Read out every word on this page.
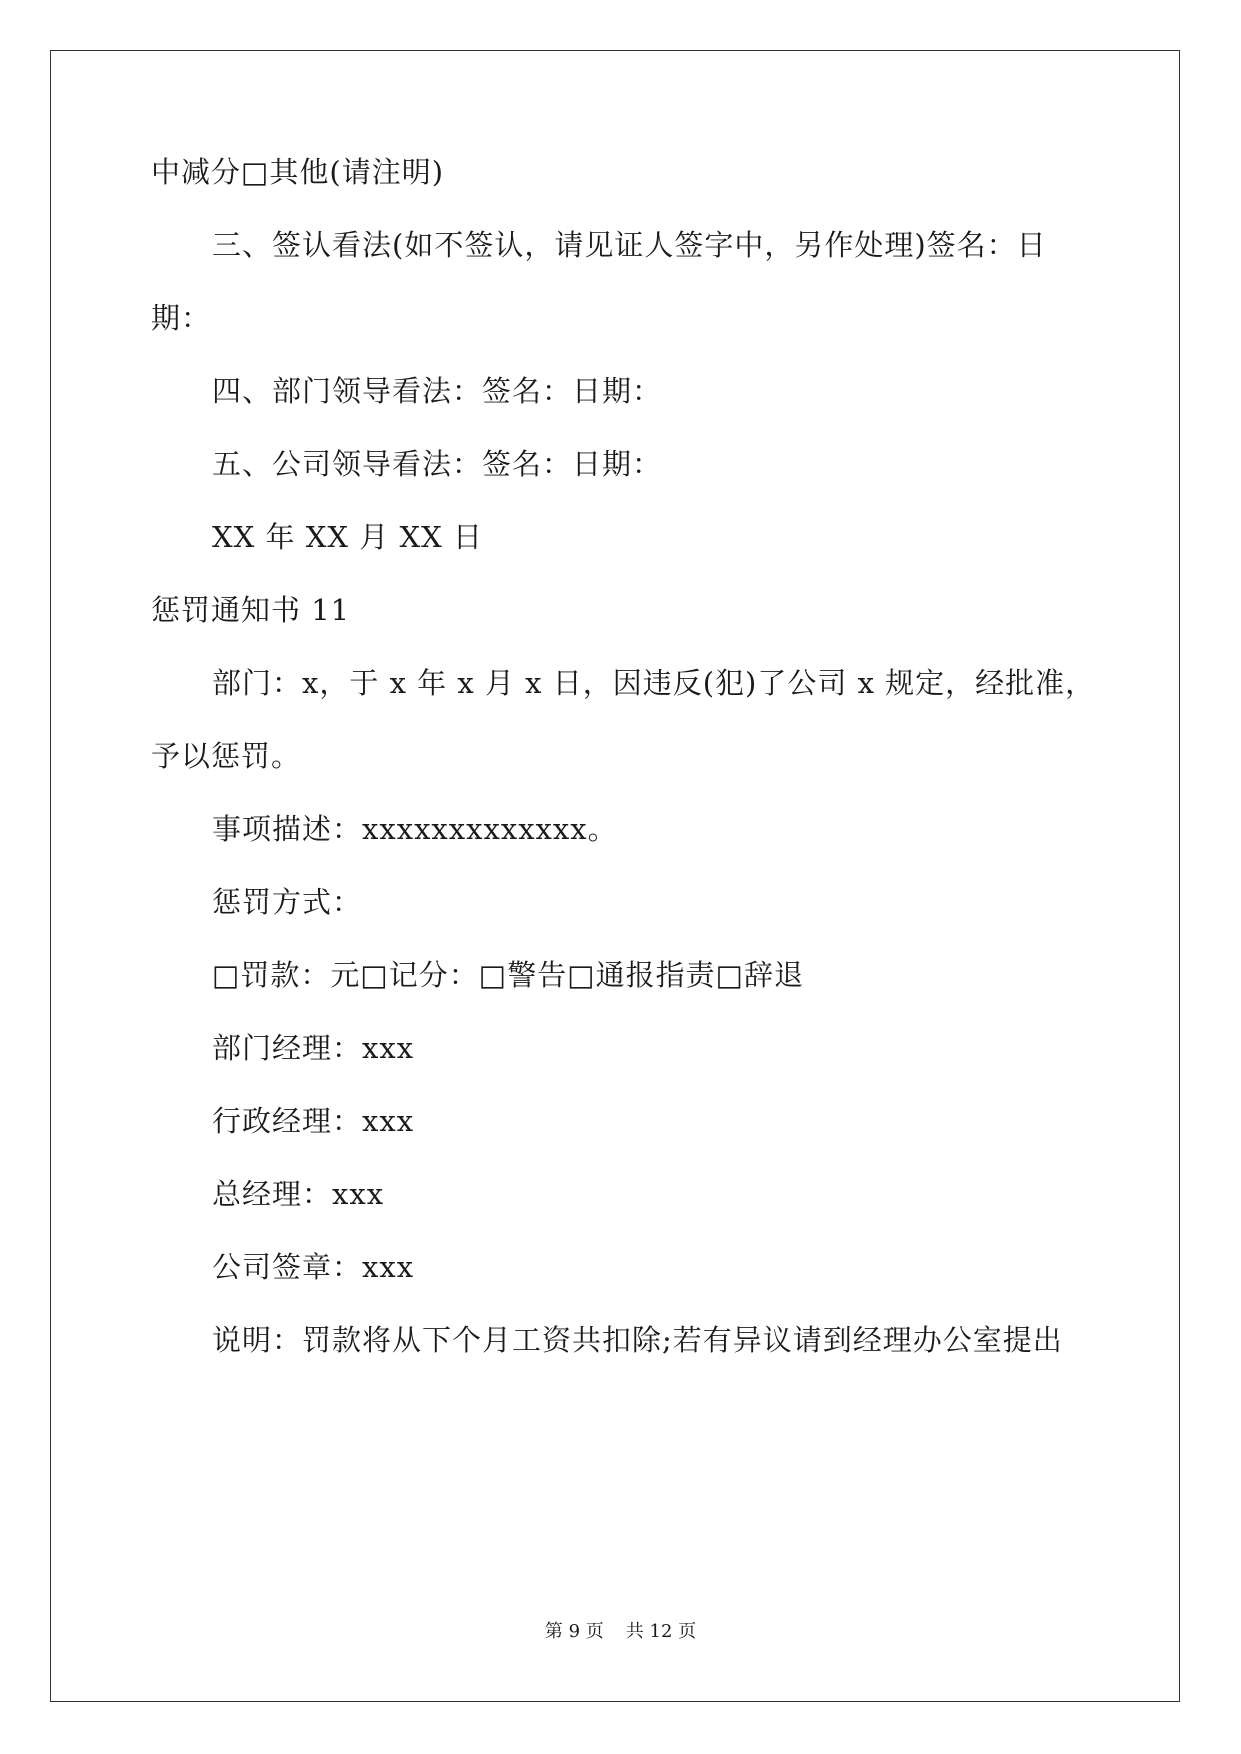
中减分□其他(请注明)
三、签认看法(如不签认，请见证人签字中，另作处理)签名：日
期：
四、部门领导看法：签名：日期：
五、公司领导看法：签名：日期：
XX 年 XX 月 XX 日
惩罚通知书 11
部门：x，于 x 年 x 月 x 日，因违反(犯)了公司 x 规定，经批准，
予以惩罚。
事项描述：xxxxxxxxxxxxx。
惩罚方式：
□罚款：元□记分：□警告□通报指责□辞退
部门经理：xxx
行政经理：xxx
总经理：xxx
公司签章：xxx
说明：罚款将从下个月工资共扣除;若有异议请到经理办公室提出
第 9 页 共 12 页
